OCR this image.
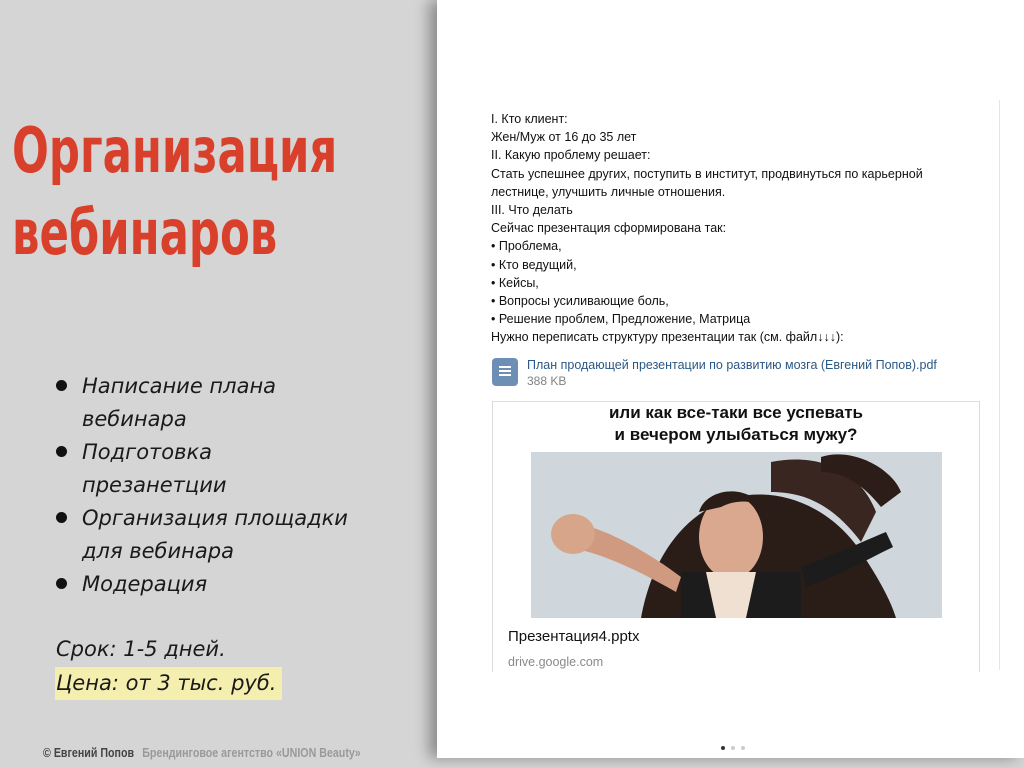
Организация
вебинаров
Написание плана
вебинара
Подготовка
презанетции
Организация площадки
для вебинара
Модерация
Срок: 1-5 дней.
Цена: от 3 тыс. руб.
© Евгений Попов Брендинговое агентство «UNION Beauty»
I. Кто клиент:
Жен/Муж от 16 до 35 лет
II. Какую проблему решает:
Стать успешнее других, поступить в институт, продвинуться по карьерной
лестнице, улучшить личные отношения.
III. Что делать
Сейчас презентация сформирована так:
• Проблема,
• Кто ведущий,
• Кейсы,
• Вопросы усиливающие боль,
• Решение проблем, Предложение, Матрица
Нужно переписать структуру презентации так (см. файл↓↓↓):
План продающей презентации по развитию мозга (Евгений Попов).pdf
388 KB
или как все-таки все успевать
и вечером улыбаться мужу?
Презентация4.pptx
drive.google.com
